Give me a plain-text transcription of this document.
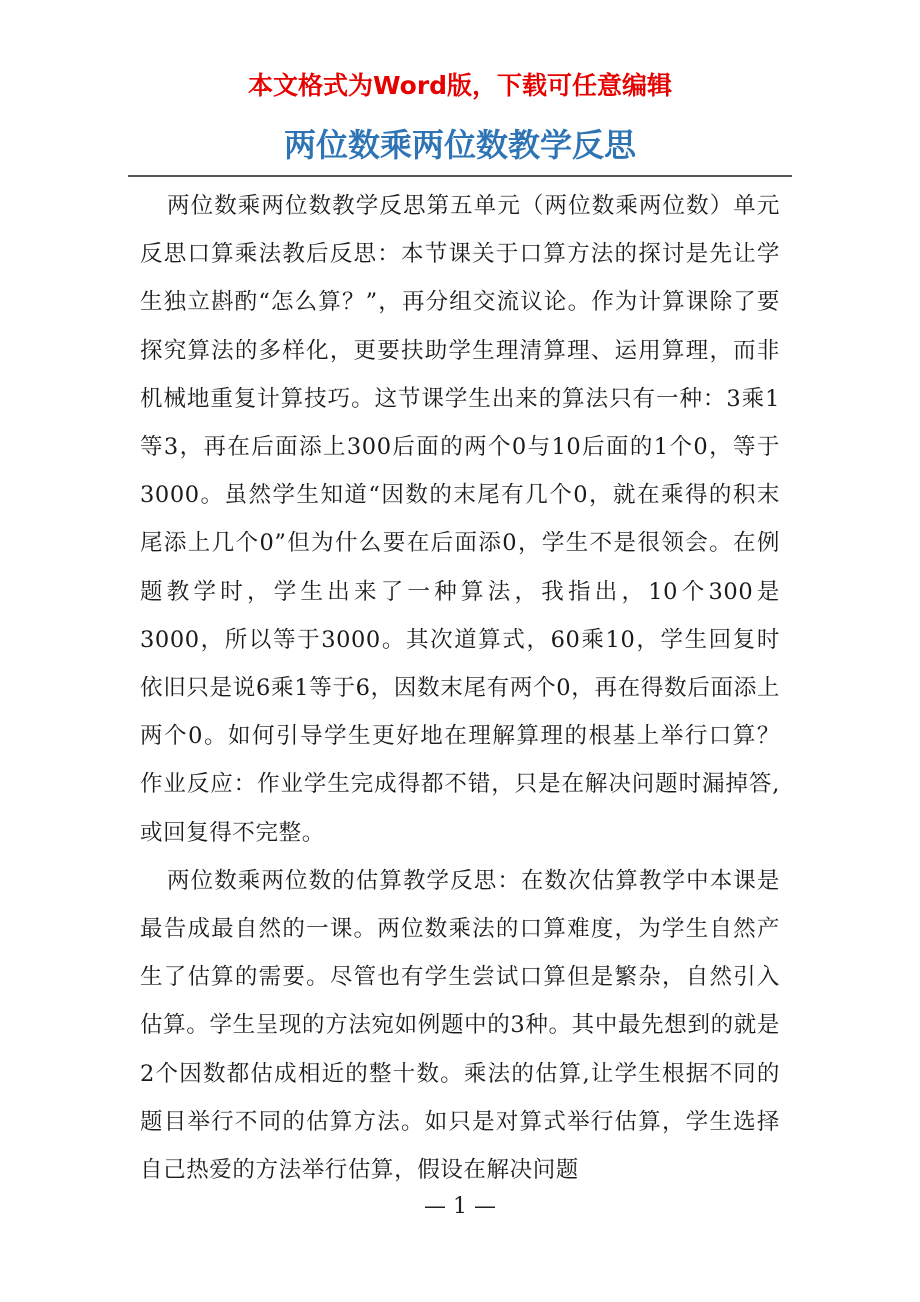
本文格式为Word版，下载可任意编辑

两位数乘两位数教学反思

两位数乘两位数教学反思第五单元（两位数乘两位数）单元反思口算乘法教后反思：本节课关于口算方法的探讨是先让学生独立斟酌“怎么算？”，再分组交流议论。作为计算课除了要探究算法的多样化，更要扶助学生理清算理、运用算理，而非机械地重复计算技巧。这节课学生出来的算法只有一种：3乘1等3，再在后面添上300后面的两个0与10后面的1个0，等于3000。虽然学生知道“因数的末尾有几个0，就在乘得的积末尾添上几个0”但为什么要在后面添0，学生不是很领会。在例题教学时，学生出来了一种算法，我指出，10个300是3000，所以等于3000。其次道算式，60乘10，学生回复时依旧只是说6乘1等于6，因数末尾有两个0，再在得数后面添上两个0。如何引导学生更好地在理解算理的根基上举行口算？ 作业反应：作业学生完成得都不错，只是在解决问题时漏掉答,或回复得不完整。

两位数乘两位数的估算教学反思：在数次估算教学中本课是最告成最自然的一课。两位数乘法的口算难度，为学生自然产生了估算的需要。尽管也有学生尝试口算但是繁杂，自然引入估算。学生呈现的方法宛如例题中的3种。其中最先想到的就是2个因数都估成相近的整十数。乘法的估算,让学生根据不同的题目举行不同的估算方法。如只是对算式举行估算，学生选择自己热爱的方法举行估算，假设在解决问题

— 1 —
